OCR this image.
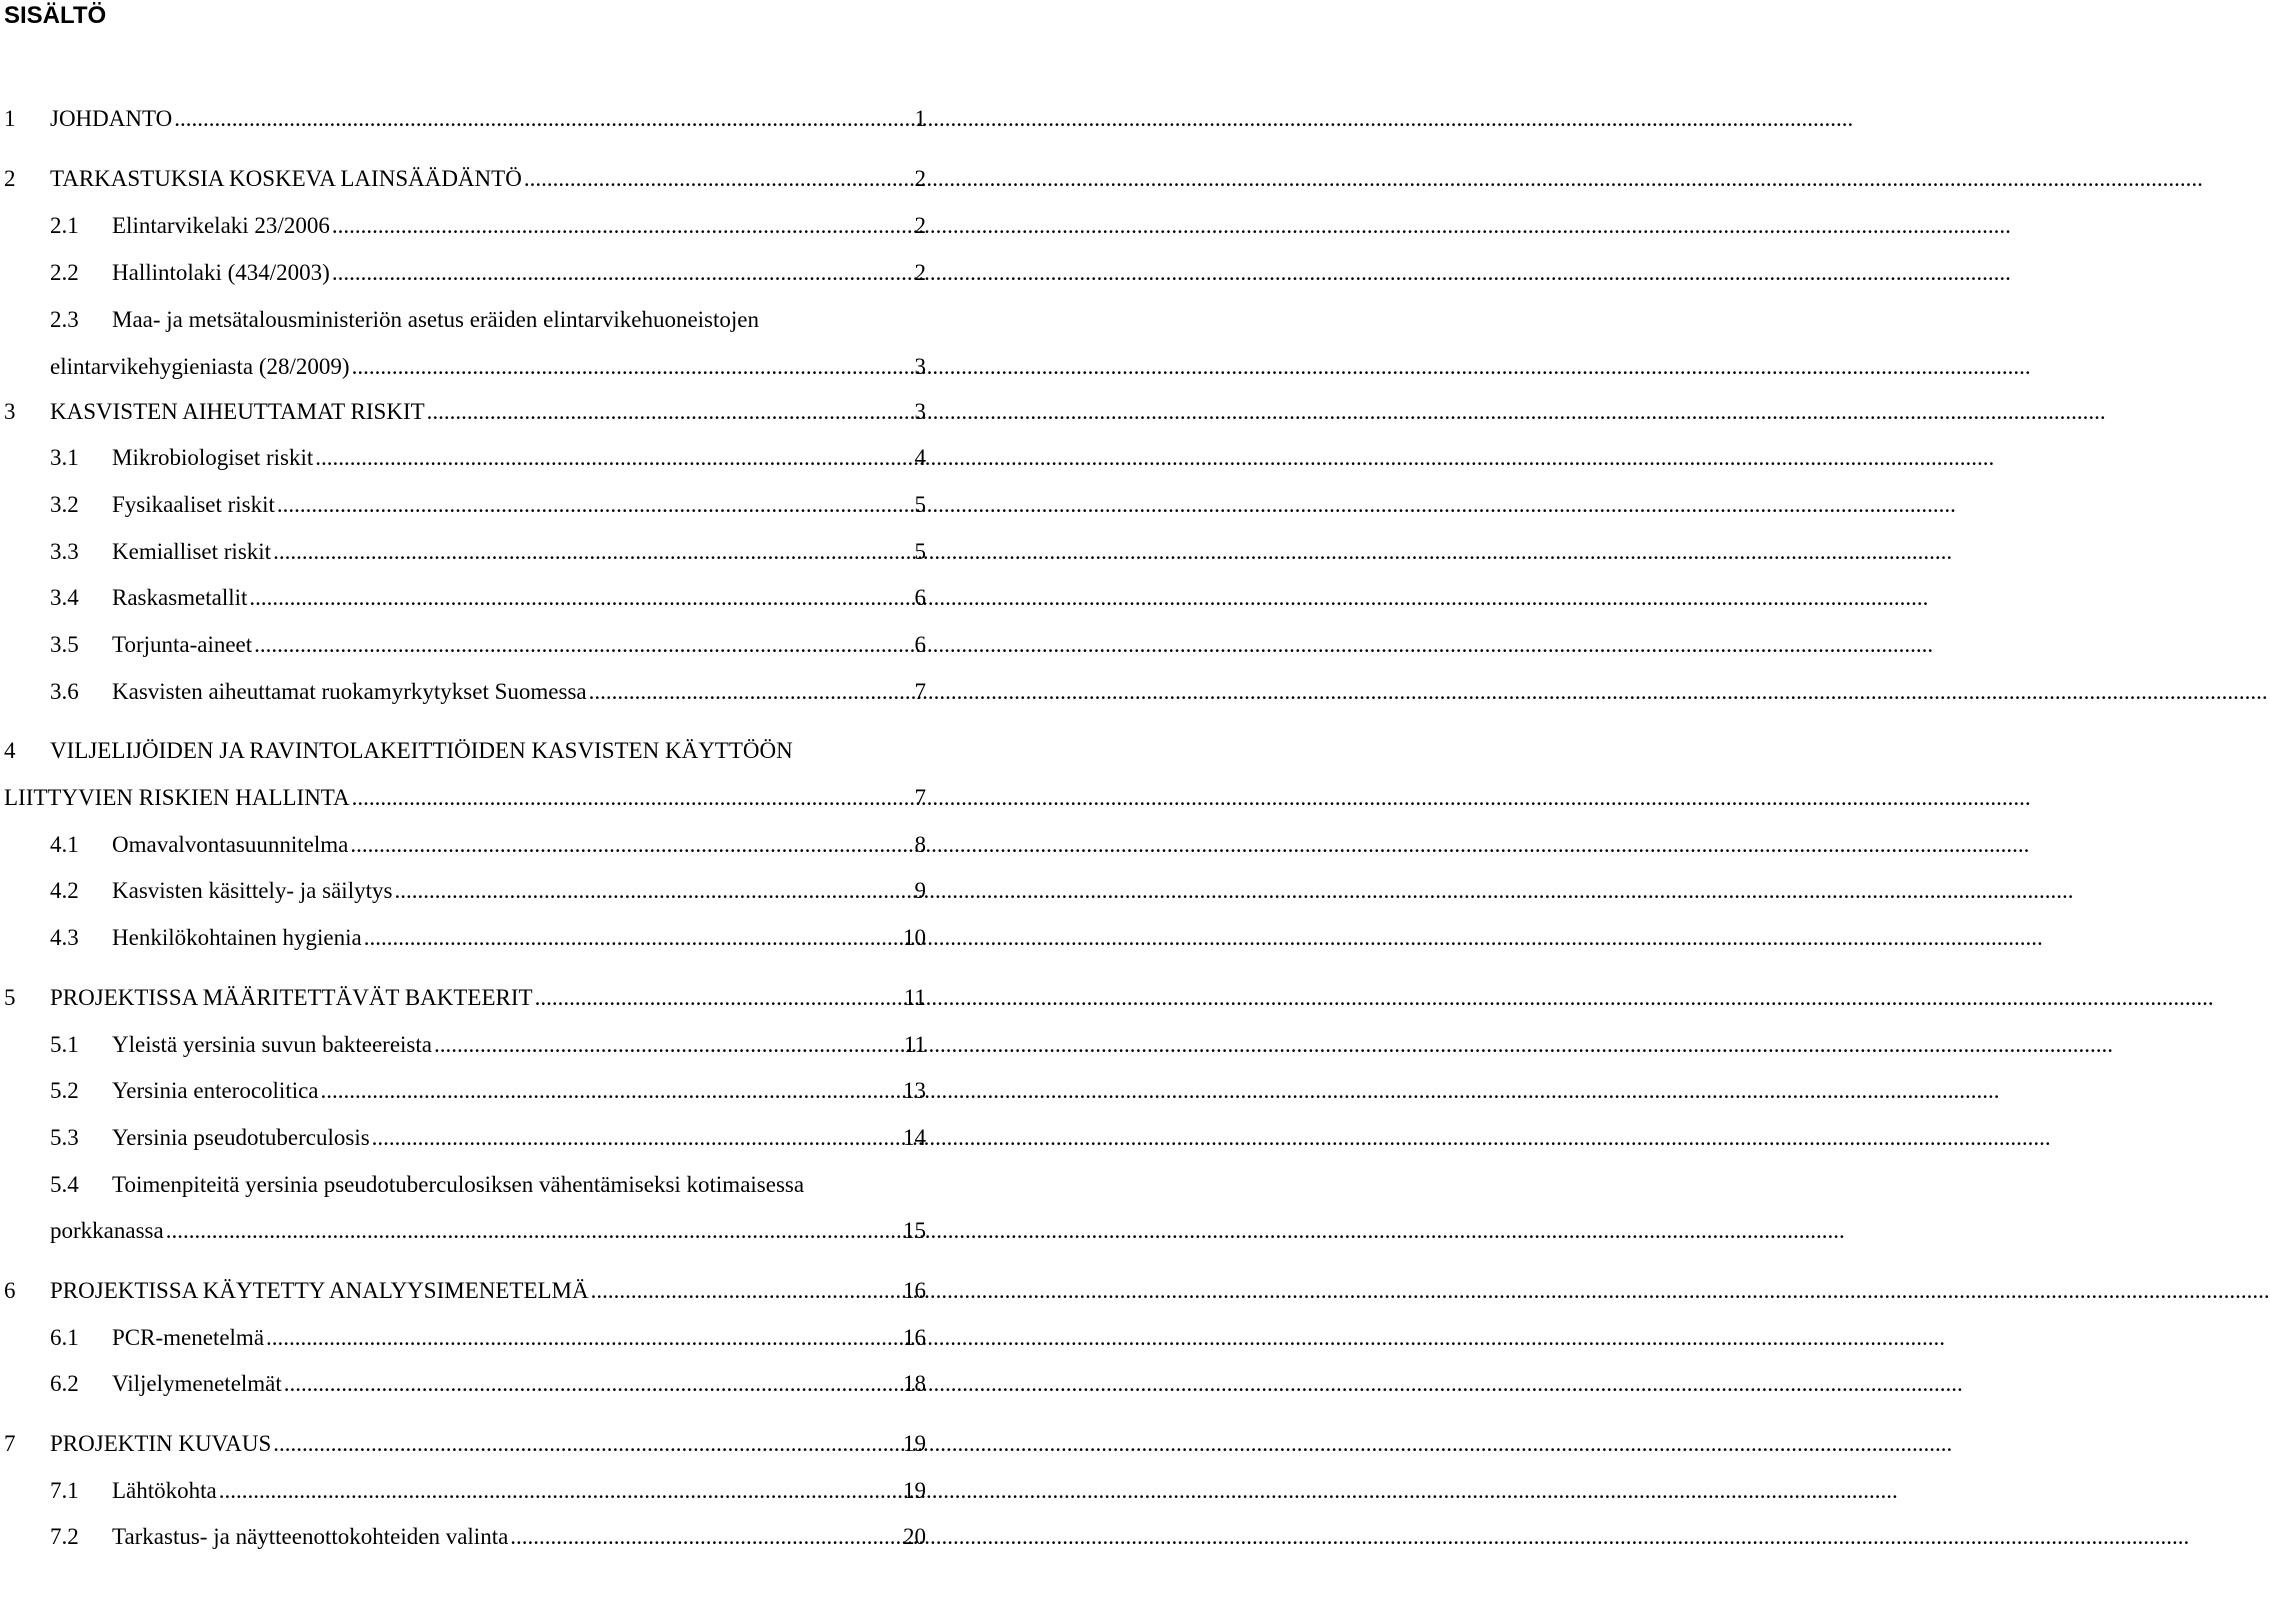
SISÄLTÖ
1	JOHDANTO .....	1
2	TARKASTUKSIA KOSKEVA LAINSÄÄDÄNTÖ .....	2
2.1	Elintarvikelaki 23/2006 .....	2
2.2	Hallintolaki (434/2003) .....	2
2.3	Maa- ja metsätalousministeriön asetus eräiden elintarvikehuoneistojen
elintarvikehygieniasta (28/2009) .....	3
3	KASVISTEN AIHEUTTAMAT RISKIT .....	3
3.1	Mikrobiologiset riskit .....	4
3.2	Fysikaaliset riskit .....	5
3.3	Kemialliset riskit .....	5
3.4	Raskasmetallit .....	6
3.5	Torjunta-aineet .....	6
3.6	Kasvisten aiheuttamat ruokamyrkytykset Suomessa .....	7
4	VILJELIJÖIDEN JA RAVINTOLAKEITTIÖIDEN KASVISTEN KÄYTTÖÖN
LIITTYVIEN RISKIEN HALLINTA .....	7
4.1	Omavalvontasuunnitelma .....	8
4.2	Kasvisten käsittely- ja säilytys .....	9
4.3	Henkilökohtainen hygienia .....	10
5	PROJEKTISSA MÄÄRITETTÄVÄT BAKTEERIT .....	11
5.1	Yleistä yersinia suvun bakteereista .....	11
5.2	Yersinia enterocolitica .....	13
5.3	Yersinia pseudotuberculosis .....	14
5.4	Toimenpiteitä yersinia pseudotuberculosiksen vähentämiseksi kotimaisessa
porkkanassa .....	15
6	PROJEKTISSA KÄYTETTY ANALYYSIMENETELMÄ .....	16
6.1	PCR-menetelmä .....	16
6.2	Viljelymenetelmät .....	18
7	PROJEKTIN KUVAUS .....	19
7.1	Lähtökohta .....	19
7.2	Tarkastus- ja näytteenottokohteiden valinta .....	20
